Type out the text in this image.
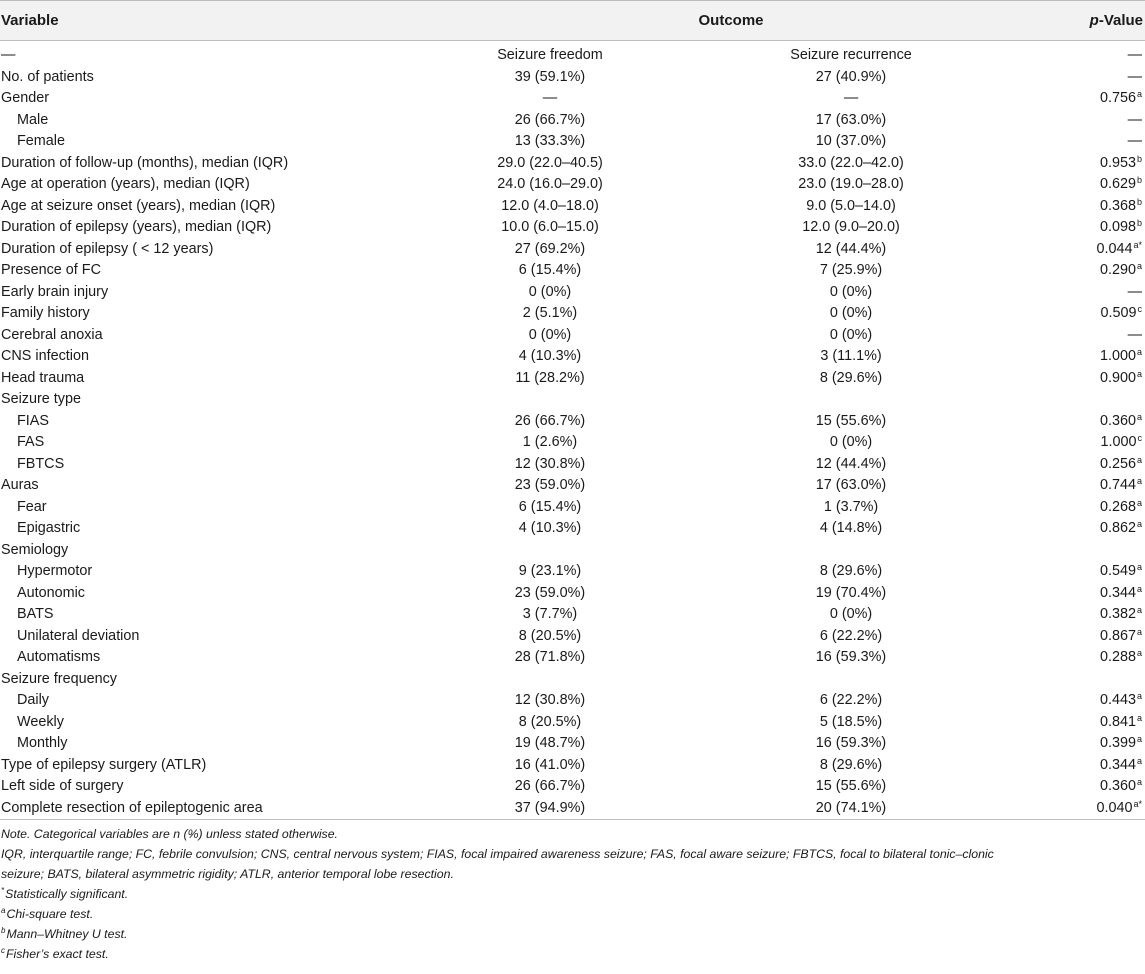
Variable	Outcome		p-Value
—	Seizure freedom	Seizure recurrence	—
No. of patients	39 (59.1%)	27 (40.9%)	—
Gender	—	—	0.756$^a$
Male	26 (66.7%)	17 (63.0%)	—
Female	13 (33.3%)	10 (37.0%)	—
Duration of follow-up (months), median (IQR)	29.0 (22.0–40.5)	33.0 (22.0–42.0)	0.953$^b$
Age at operation (years), median (IQR)	24.0 (16.0–29.0)	23.0 (19.0–28.0)	0.629$^b$
Age at seizure onset (years), median (IQR)	12.0 (4.0–18.0)	9.0 (5.0–14.0)	0.368$^b$
Duration of epilepsy (years), median (IQR)	10.0 (6.0–15.0)	12.0 (9.0–20.0)	0.098$^b$
Duration of epilepsy ( < 12 years)	27 (69.2%)	12 (44.4%)	$0.044^{a*}$
Presence of FC	6 (15.4%)	7 (25.9%)	0.290$^a$
Early brain injury	0 (0%)	0 (0%)	—
Family history	2 (5.1%)	0 (0%)	0.509$^c$
Cerebral anoxia	0 (0%)	0 (0%)	—
CNS infection	4 (10.3%)	3 (11.1%)	1.000$^a$
Head trauma	11 (28.2%)	8 (29.6%)	0.900$^a$
Seizure type			
FIAS	26 (66.7%)	15 (55.6%)	0.360$^a$
FAS	1 (2.6%)	0 (0%)	1.000$^c$
FBTCS	12 (30.8%)	12 (44.4%)	0.256$^a$
Auras	23 (59.0%)	17 (63.0%)	0.744$^a$
Fear	6 (15.4%)	1 (3.7%)	0.268$^a$
Epigastric	4 (10.3%)	4 (14.8%)	0.862$^a$
Semiology			
Hypermotor	9 (23.1%)	8 (29.6%)	0.549$^a$
Autonomic	23 (59.0%)	19 (70.4%)	0.344$^a$
BATS	3 (7.7%)	0 (0%)	0.382$^a$
Unilateral deviation	8 (20.5%)	6 (22.2%)	0.867$^a$
Automatisms	28 (71.8%)	16 (59.3%)	0.288$^a$
Seizure frequency			
Daily	12 (30.8%)	6 (22.2%)	0.443$^a$
Weekly	8 (20.5%)	5 (18.5%)	0.841$^a$
Monthly	19 (48.7%)	16 (59.3%)	0.399$^a$
Type of epilepsy surgery (ATLR)	16 (41.0%)	8 (29.6%)	0.344$^a$
Left side of surgery	26 (66.7%)	15 (55.6%)	0.360$^a$
Complete resection of epileptogenic area	37 (94.9%)	20 (74.1%)	$0.040^{a*}$
Note. Categorical variables are n (%) unless stated otherwise.
IQR, interquartile range; FC, febrile convulsion; CNS, central nervous system; FIAS, focal impaired awareness seizure; FAS, focal aware seizure; FBTCS, focal to bilateral tonic–clonic
seizure; BATS, bilateral asymmetric rigidity; ATLR, anterior temporal lobe resection.
*Statistically significant.
$^a$Chi-square test.
$^b$Mann–Whitney U test.
$^c$Fisher’s exact test.
